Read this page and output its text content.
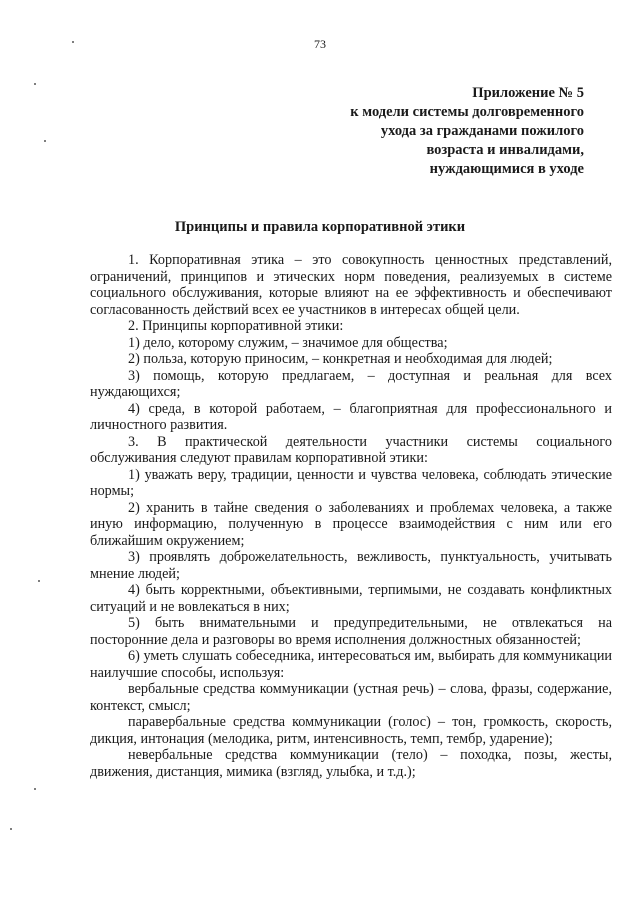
73
Приложение № 5
к модели системы долговременного
ухода за гражданами пожилого
возраста и инвалидами,
нуждающимися в уходе
Принципы и правила корпоративной этики

1. Корпоративная этика – это совокупность ценностных представлений, ограничений, принципов и этических норм поведения, реализуемых в системе социального обслуживания, которые влияют на ее эффективность и обеспечивают согласованность действий всех ее участников в интересах общей цели.

2. Принципы корпоративной этики:

1) дело, которому служим, – значимое для общества;

2) польза, которую приносим, – конкретная и необходимая для людей;

3) помощь, которую предлагаем, – доступная и реальная для всех нуждающихся;

4) среда, в которой работаем, – благоприятная для профессионального и личностного развития.

3. В практической деятельности участники системы социального обслуживания следуют правилам корпоративной этики:

1) уважать веру, традиции, ценности и чувства человека, соблюдать этические нормы;

2) хранить в тайне сведения о заболеваниях и проблемах человека, а также иную информацию, полученную в процессе взаимодействия с ним или его ближайшим окружением;

3) проявлять доброжелательность, вежливость, пунктуальность, учитывать мнение людей;

4) быть корректными, объективными, терпимыми, не создавать конфликтных ситуаций и не вовлекаться в них;

5) быть внимательными и предупредительными, не отвлекаться на посторонние дела и разговоры во время исполнения должностных обязанностей;

6) уметь слушать собеседника, интересоваться им, выбирать для коммуникации наилучшие способы, используя:

вербальные средства коммуникации (устная речь) – слова, фразы, содержание, контекст, смысл;

паравербальные средства коммуникации (голос) – тон, громкость, скорость, дикция, интонация (мелодика, ритм, интенсивность, темп, тембр, ударение);

невербальные средства коммуникации (тело) – походка, позы, жесты, движения, дистанция, мимика (взгляд, улыбка, и т.д.);
